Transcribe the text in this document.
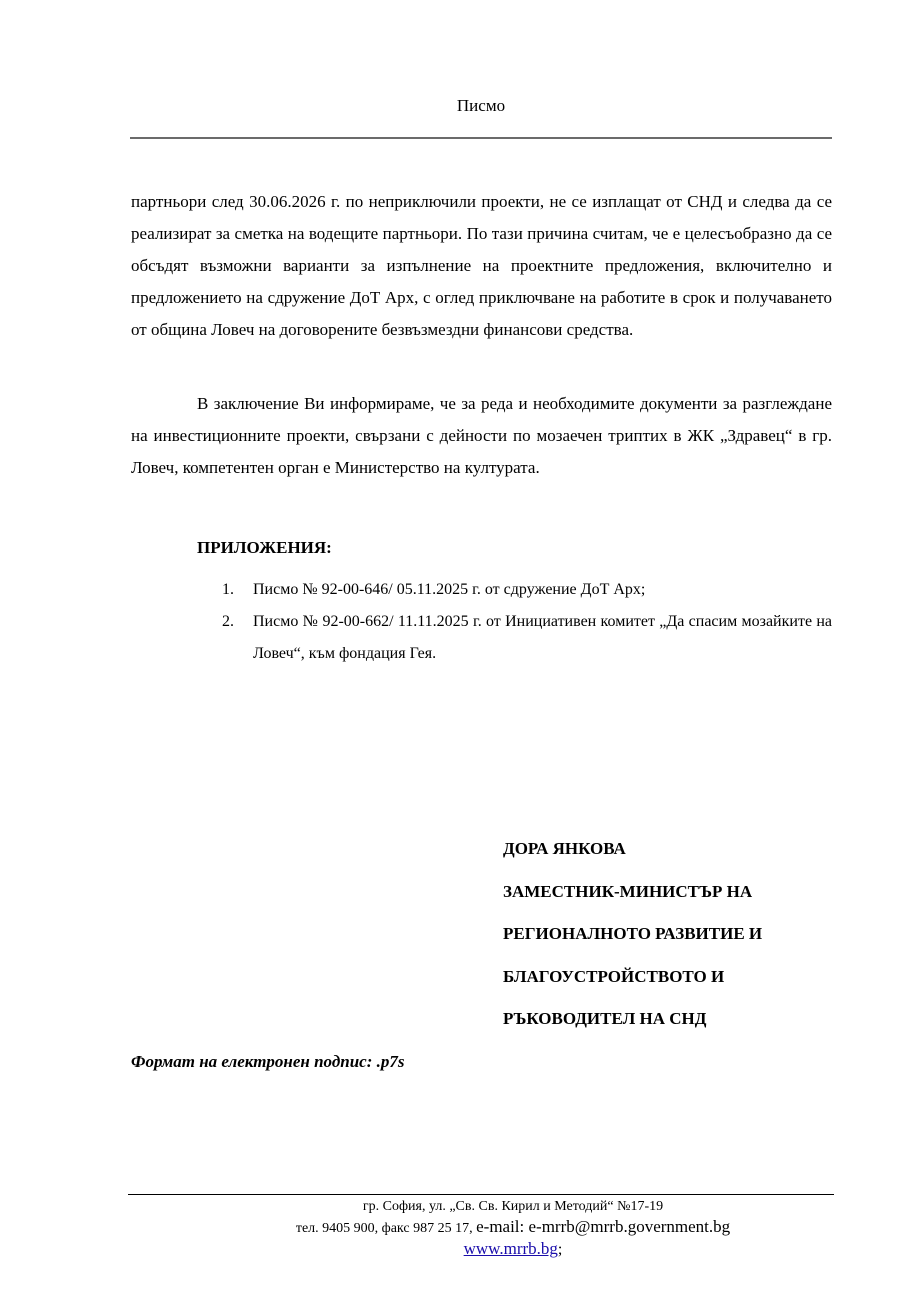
Писмо
партньори след 30.06.2026 г. по неприключили проекти, не се изплащат от СНД и следва да се реализират за сметка на водещите партньори. По тази причина считам, че е целесъобразно да се обсъдят възможни варианти за изпълнение на проектните предложения, включително и предложението на сдружение ДоТ Арх, с оглед приключване на работите в срок и получаването от община Ловеч на договорените безвъзмездни финансови средства.
В заключение Ви информираме, че за реда и необходимите документи за разглеждане на инвестиционните проекти, свързани с дейности по мозаечен триптих в ЖК „Здравец“ в гр. Ловеч, компетентен орган е Министерство на културата.
ПРИЛОЖЕНИЯ:
1.	Писмо № 92-00-646/ 05.11.2025 г. от сдружение ДоТ Арх;
2.	Писмо № 92-00-662/ 11.11.2025 г. от Инициативен комитет „Да спасим мозайките на Ловеч“, към фондация Гея.
ДОРА ЯНКОВА
ЗАМЕСТНИК-МИНИСТЪР НА
РЕГИОНАЛНОТО РАЗВИТИЕ И
БЛАГОУСТРОЙСТВОТО И
РЪКОВОДИТЕЛ НА СНД
Формат на електронен подпис: .p7s
гр. София, ул. „Св. Св. Кирил и Методий“ №17-19
тел. 9405 900, факс 987 25 17, e-mail: e-mrrb@mrrb.government.bg
www.mrrb.bg;
